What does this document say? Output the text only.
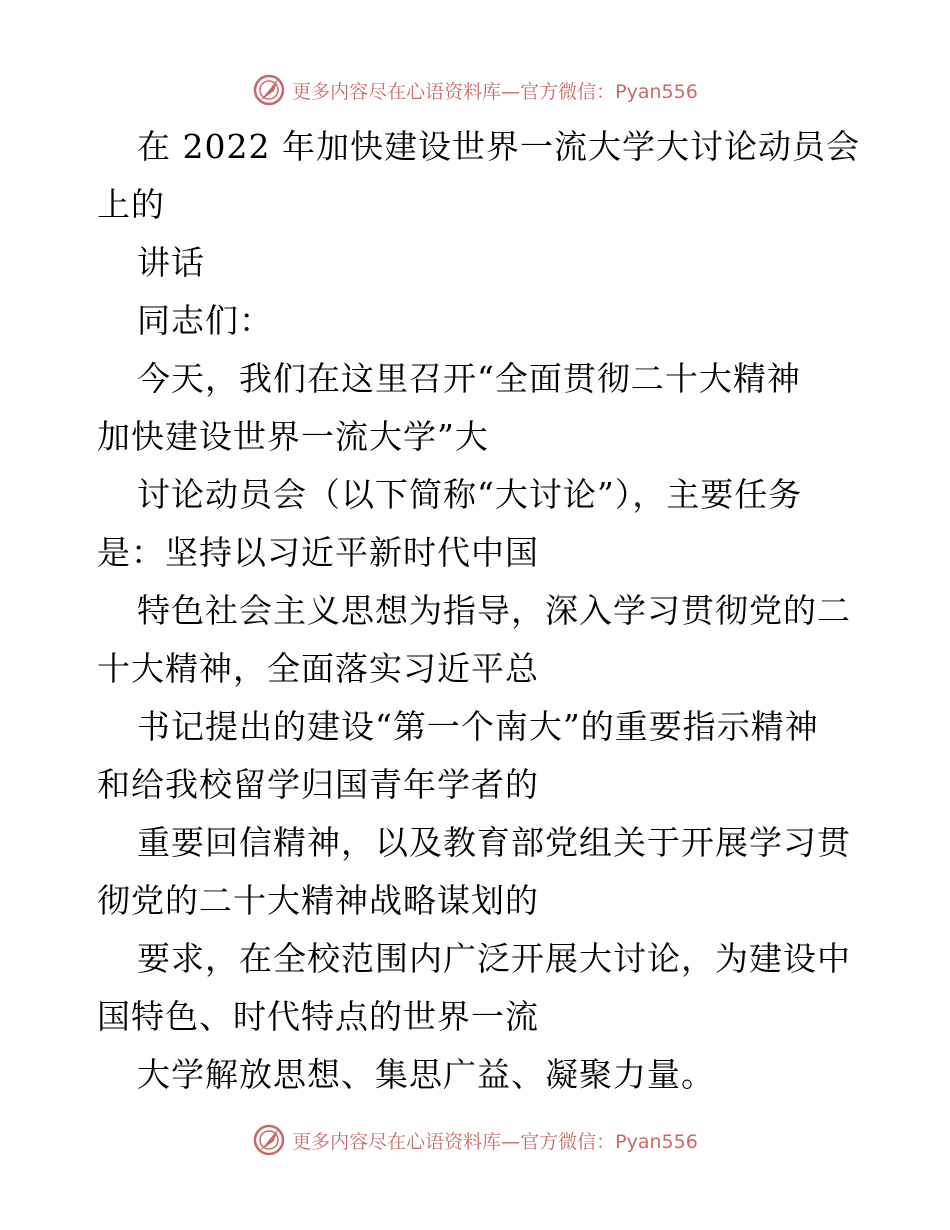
更多内容尽在心语资料库—官方微信：Pyan556
在 2022 年加快建设世界一流大学大讨论动员会
上的
讲话
同志们：
今天，我们在这里召开“全面贯彻二十大精神
加快建设世界一流大学”大
讨论动员会（以下简称“大讨论”），主要任务
是：坚持以习近平新时代中国
特色社会主义思想为指导，深入学习贯彻党的二
十大精神，全面落实习近平总
书记提出的建设“第一个南大”的重要指示精神
和给我校留学归国青年学者的
重要回信精神，以及教育部党组关于开展学习贯
彻党的二十大精神战略谋划的
要求，在全校范围内广泛开展大讨论，为建设中
国特色、时代特点的世界一流
大学解放思想、集思广益、凝聚力量。
更多内容尽在心语资料库—官方微信：Pyan556
